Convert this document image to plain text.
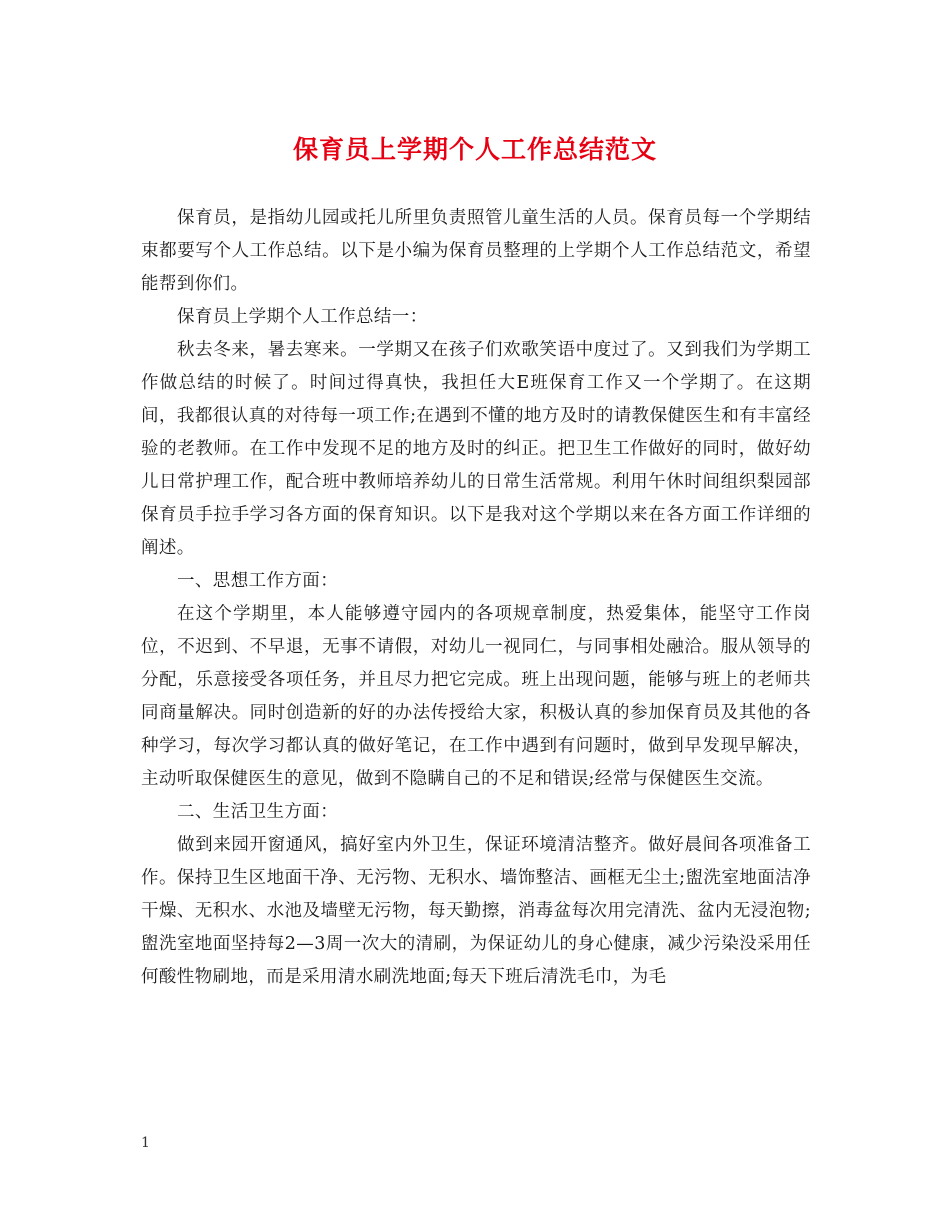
保育员上学期个人工作总结范文

保育员，是指幼儿园或托儿所里负责照管儿童生活的人员。保育员每一个学期结束都要写个人工作总结。以下是小编为保育员整理的上学期个人工作总结范文，希望能帮到你们。

保育员上学期个人工作总结一：

秋去冬来，暑去寒来。一学期又在孩子们欢歌笑语中度过了。又到我们为学期工作做总结的时候了。时间过得真快，我担任大E班保育工作又一个学期了。在这期间，我都很认真的对待每一项工作;在遇到不懂的地方及时的请教保健医生和有丰富经验的老教师。在工作中发现不足的地方及时的纠正。把卫生工作做好的同时，做好幼儿日常护理工作，配合班中教师培养幼儿的日常生活常规。利用午休时间组织梨园部保育员手拉手学习各方面的保育知识。以下是我对这个学期以来在各方面工作详细的阐述。

一、思想工作方面：

在这个学期里，本人能够遵守园内的各项规章制度，热爱集体，能坚守工作岗位，不迟到、不早退，无事不请假，对幼儿一视同仁，与同事相处融洽。服从领导的分配，乐意接受各项任务，并且尽力把它完成。班上出现问题，能够与班上的老师共同商量解决。同时创造新的好的办法传授给大家，积极认真的参加保育员及其他的各种学习，每次学习都认真的做好笔记，在工作中遇到有问题时，做到早发现早解决，主动听取保健医生的意见，做到不隐瞒自己的不足和错误;经常与保健医生交流。

二、生活卫生方面：

做到来园开窗通风，搞好室内外卫生，保证环境清洁整齐。做好晨间各项准备工作。保持卫生区地面干净、无污物、无积水、墙饰整洁、画框无尘土;盥洗室地面洁净干燥、无积水、水池及墙壁无污物，每天勤擦，消毒盆每次用完清洗、盆内无浸泡物;盥洗室地面坚持每2—3周一次大的清刷，为保证幼儿的身心健康，减少污染没采用任何酸性物刷地，而是采用清水刷洗地面;每天下班后清洗毛巾，为毛

1
